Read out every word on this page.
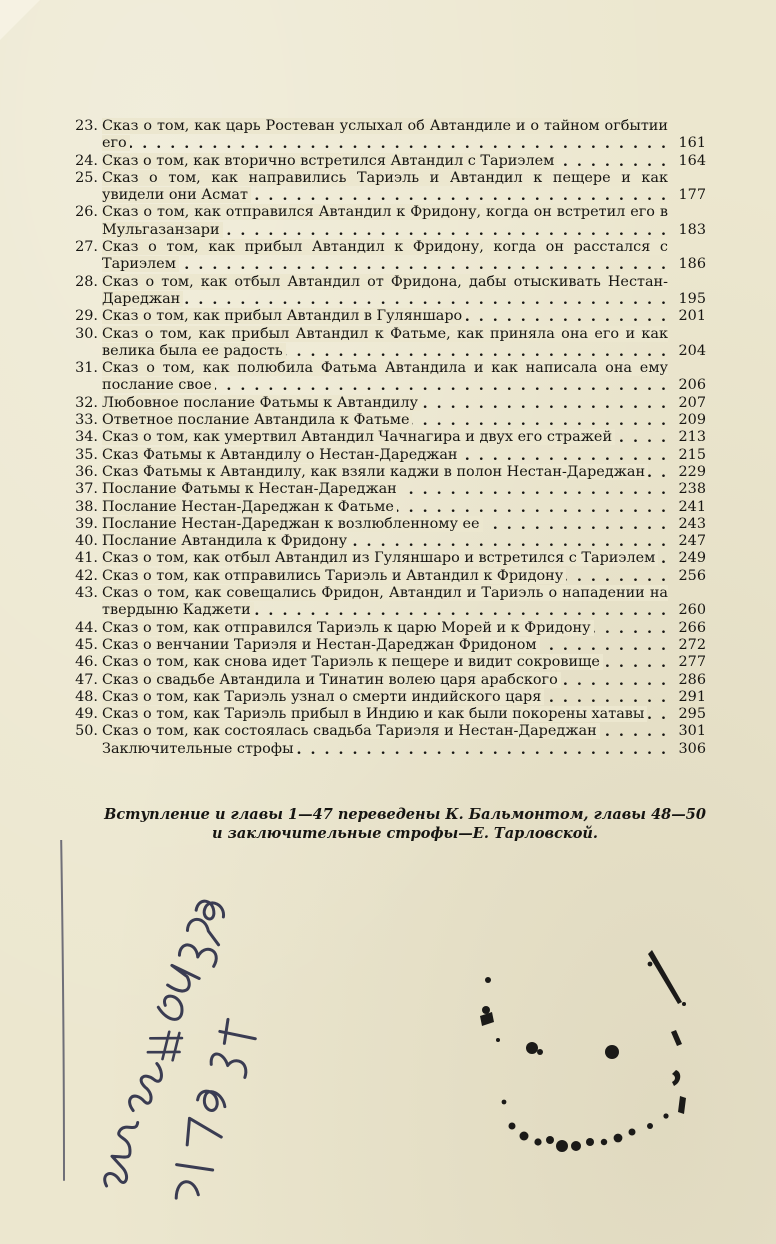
23. Сказ о том, как царь Ростеван услыхал об Автандиле и о тайном огбытии его . . .	161
24. Сказ о том, как вторично встретился Автандил с Тариэлем . . .	164
25. Сказ о том, как направились Тариэль и Автандил к пещере и как увидели они Асмат . . .	177
26. Сказ о том, как отправился Автандил к Фридону, когда он встретил его в Мульгазанзари . . .	183
27. Сказ о том, как прибыл Автандил к Фридону, когда он расстался с Тариэлем . . .	186
28. Сказ о том, как отбыл Автандил от Фридона, дабы отыскивать Нестан-Дареджан . . .	195
29. Сказ о том, как прибыл Автандил в Гуляншаро . . .	201
30. Сказ о том, как прибыл Автандил к Фатьме, как приняла она его и как велика была ее радость . . .	204
31. Сказ о том, как полюбила Фатьма Автандила и как написала она ему послание свое . . .	206
32. Любовное послание Фатьмы к Автандилу . . .	207
33. Ответное послание Автандила к Фатьме . . .	209
34. Сказ о том, как умертвил Автандил Чачнагира и двух его стражей . . .	213
35. Сказ Фатьмы к Автандилу о Нестан-Дареджан . . .	215
36. Сказ Фатьмы к Автандилу, как взяли каджи в полон Нестан-Дареджан . . .	229
37. Послание Фатьмы к Нестан-Дареджан . . .	238
38. Послание Нестан-Дареджан к Фатьме . . .	241
39. Послание Нестан-Дареджан к возлюбленному ее . . .	243
40. Послание Автандила к Фридону . . .	247
41. Сказ о том, как отбыл Автандил из Гуляншаро и встретился с Тариэлем . . .	249
42. Сказ о том, как отправились Тариэль и Автандил к Фридону . . .	256
43. Сказ о том, как совещались Фридон, Автандил и Тариэль о нападении на твердыню Каджети . . .	260
44. Сказ о том, как отправился Тариэль к царю Морей и к Фридону . . .	266
45. Сказ о венчании Тариэля и Нестан-Дареджан Фридоном . . .	272
46. Сказ о том, как снова идет Тариэль к пещере и видит сокровище . . .	277
47. Сказ о свадьбе Автандила и Тинатин волею царя арабского . . .	286
48. Сказ о том, как Тариэль узнал о смерти индийского царя . . .	291
49. Сказ о том, как Тариэль прибыл в Индию и как были покорены хатавы . . .	295
50. Сказ о том, как состоялась свадьба Тариэля и Нестан-Дареджан . . .	301
Заключительные строфы . . .	306
Вступление и главы 1—47 переведены К. Бальмонтом, главы 48—50 и заключительные строфы—Е. Тарловской.
